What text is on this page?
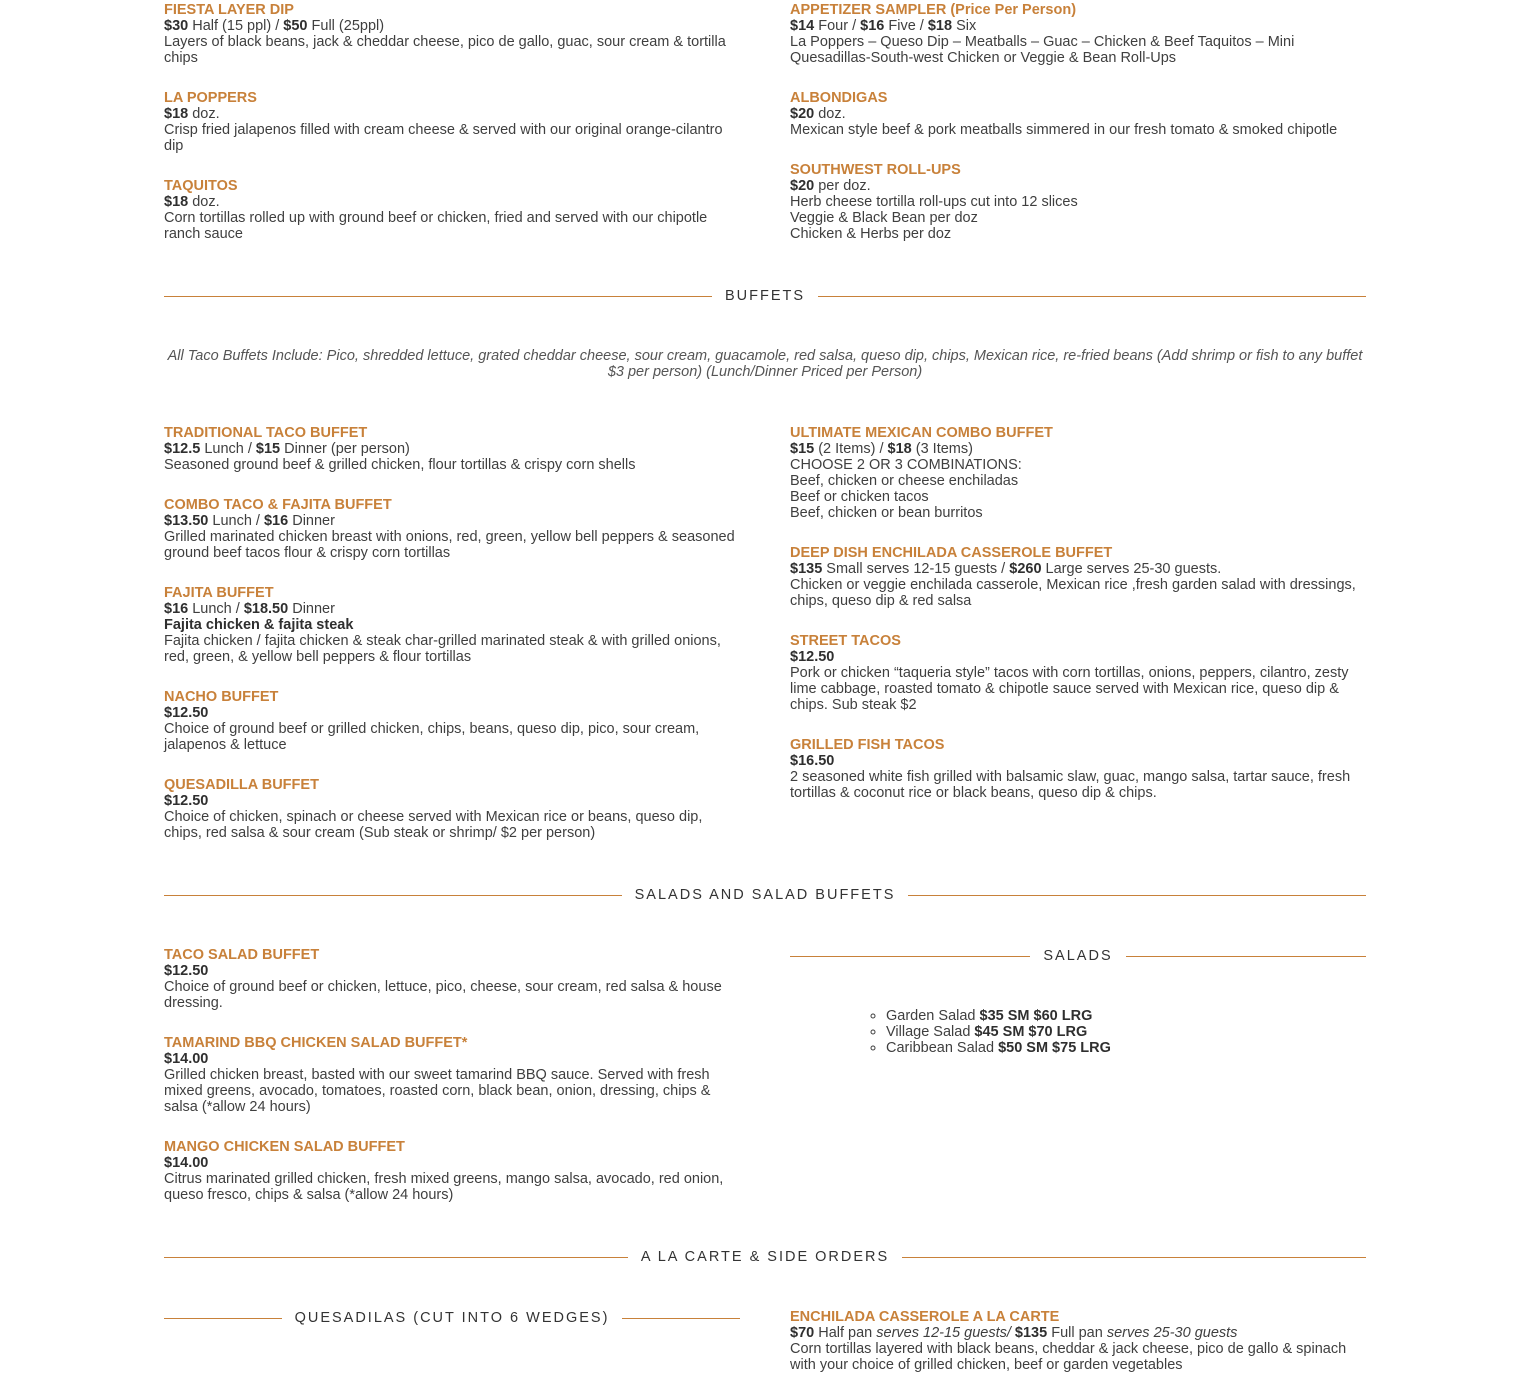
FIESTA LAYER DIP
$30 Half (15 ppl) / $50 Full (25ppl)
Layers of black beans, jack & cheddar cheese, pico de gallo, guac, sour cream & tortilla chips
LA POPPERS
$18 doz.
Crisp fried jalapenos filled with cream cheese & served with our original orange-cilantro dip
TAQUITOS
$18 doz.
Corn tortillas rolled up with ground beef or chicken, fried and served with our chipotle ranch sauce
APPETIZER SAMPLER (Price Per Person)
$14 Four / $16 Five / $18 Six
La Poppers – Queso Dip – Meatballs – Guac – Chicken & Beef Taquitos – Mini Quesadillas-South-west Chicken or Veggie & Bean Roll-Ups
ALBONDIGAS
$20 doz.
Mexican style beef & pork meatballs simmered in our fresh tomato & smoked chipotle
SOUTHWEST ROLL-UPS
$20 per doz.
Herb cheese tortilla roll-ups cut into 12 slices
Veggie & Black Bean per doz
Chicken & Herbs per doz
BUFFETS
All Taco Buffets Include: Pico, shredded lettuce, grated cheddar cheese, sour cream, guacamole, red salsa, queso dip, chips, Mexican rice, re-fried beans (Add shrimp or fish to any buffet $3 per person) (Lunch/Dinner Priced per Person)
TRADITIONAL TACO BUFFET
$12.5 Lunch / $15 Dinner (per person)
Seasoned ground beef & grilled chicken, flour tortillas & crispy corn shells
COMBO TACO & FAJITA BUFFET
$13.50 Lunch / $16 Dinner
Grilled marinated chicken breast with onions, red, green, yellow bell peppers & seasoned ground beef tacos flour & crispy corn tortillas
FAJITA BUFFET
$16 Lunch / $18.50 Dinner
Fajita chicken & fajita steak
Fajita chicken / fajita chicken & steak char-grilled marinated steak & with grilled onions, red, green, & yellow bell peppers & flour tortillas
NACHO BUFFET
$12.50
Choice of ground beef or grilled chicken, chips, beans, queso dip, pico, sour cream, jalapenos & lettuce
QUESADILLA BUFFET
$12.50
Choice of chicken, spinach or cheese served with Mexican rice or beans, queso dip, chips, red salsa & sour cream (Sub steak or shrimp/ $2 per person)
ULTIMATE MEXICAN COMBO BUFFET
$15 (2 Items) / $18 (3 Items)
CHOOSE 2 OR 3 COMBINATIONS:
Beef, chicken or cheese enchiladas
Beef or chicken tacos
Beef, chicken or bean burritos
DEEP DISH ENCHILADA CASSEROLE BUFFET
$135 Small serves 12-15 guests / $260 Large serves 25-30 guests.
Chicken or veggie enchilada casserole, Mexican rice ,fresh garden salad with dressings, chips, queso dip & red salsa
STREET TACOS
$12.50
Pork or chicken “taqueria style” tacos with corn tortillas, onions, peppers, cilantro, zesty lime cabbage, roasted tomato & chipotle sauce served with Mexican rice, queso dip & chips. Sub steak $2
GRILLED FISH TACOS
$16.50
2 seasoned white fish grilled with balsamic slaw, guac, mango salsa, tartar sauce, fresh tortillas & coconut rice or black beans, queso dip & chips.
SALADS AND SALAD BUFFETS
TACO SALAD BUFFET
$12.50
Choice of ground beef or chicken, lettuce, pico, cheese, sour cream, red salsa & house dressing.
TAMARIND BBQ CHICKEN SALAD BUFFET*
$14.00
Grilled chicken breast, basted with our sweet tamarind BBQ sauce. Served with fresh mixed greens, avocado, tomatoes, roasted corn, black bean, onion, dressing, chips & salsa (*allow 24 hours)
MANGO CHICKEN SALAD BUFFET
$14.00
Citrus marinated grilled chicken, fresh mixed greens, mango salsa, avocado, red onion, queso fresco, chips & salsa (*allow 24 hours)
SALADS
◦ Garden Salad $35 SM $60 LRG
◦ Village Salad $45 SM $70 LRG
◦ Caribbean Salad $50 SM $75 LRG
A LA CARTE & SIDE ORDERS
QUESADILAS (CUT INTO 6 WEDGES)	ENCHILADA CASSEROLE A LA CARTE
$70 Half pan serves 12-15 guests/ $135 Full pan serves 25-30 guests
Corn tortillas layered with black beans, cheddar & jack cheese, pico de gallo & spinach with your choice of grilled chicken, beef or garden vegetables
